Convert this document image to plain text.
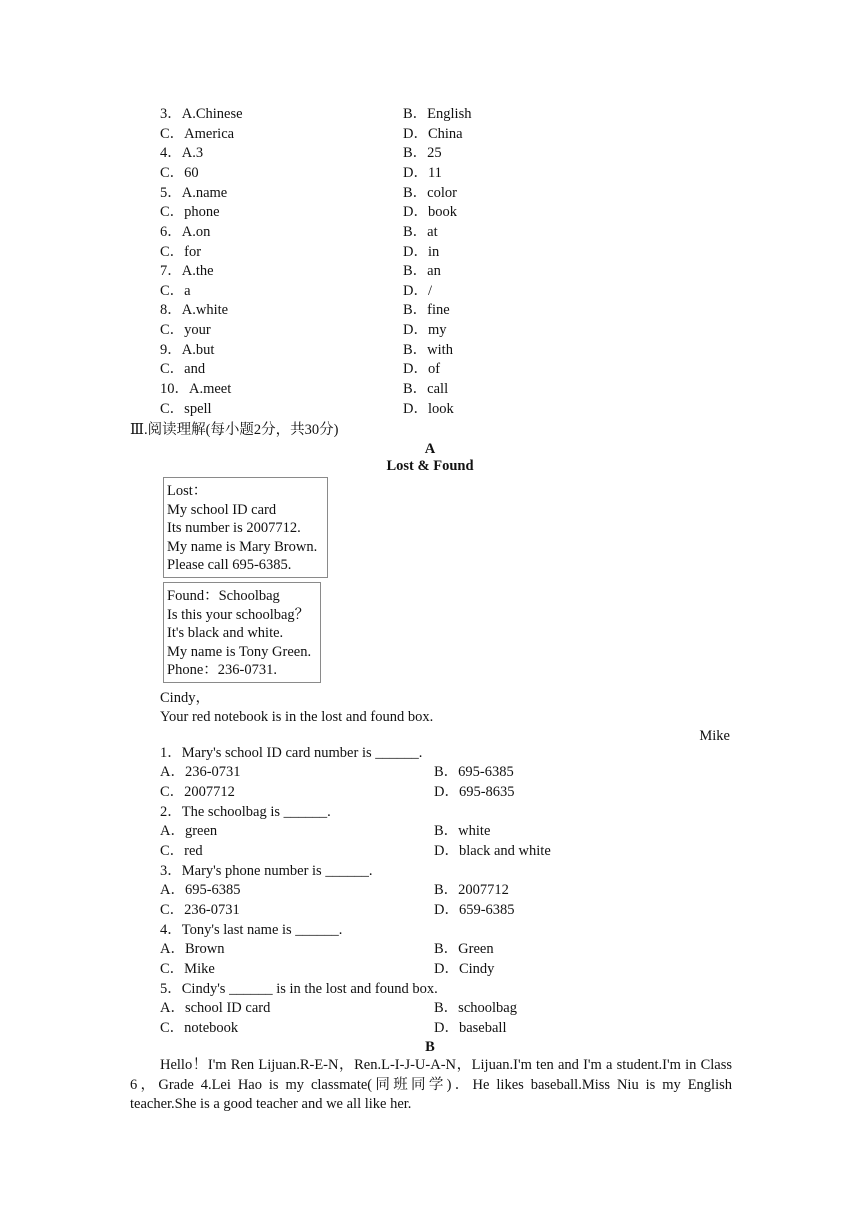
3．A.Chinese	B．English
C．America	D．China
4．A.3	B．25
C．60	D．11
5．A.name	B．color
C．phone	D．book
6．A.on	B．at
C．for	D．in
7．A.the	B．an
C．a	D．/
8．A.white	B．fine
C．your	D．my
9．A.but	B．with
C．and	D．of
10．A.meet	B．call
C．spell	D．look
Ⅲ.阅读理解(每小题2分，共30分)
A
Lost & Found
Lost：
My school ID card
Its number is 2007712.
My name is Mary Brown.
Please call 695-6385.
Found：Schoolbag
Is this your schoolbag？
It's black and white.
My name is Tony Green.
Phone：236-0731.
Cindy，
Your red notebook is in the lost and found box.
Mike
1．Mary's school ID card number is ______.
A．236-0731	B．695-6385
C．2007712	D．695-8635
2．The schoolbag is ______.
A．green	B．white
C．red	D．black and white
3．Mary's phone number is ______.
A．695-6385	B．2007712
C．236-0731	D．659-6385
4．Tony's last name is ______.
A．Brown	B．Green
C．Mike	D．Cindy
5．Cindy's ______ is in the lost and found box.
A．school ID card	B．schoolbag
C．notebook	D．baseball
B
Hello！I'm Ren Lijuan.R-E-N，Ren.L-I-J-U-A-N，Lijuan.I'm ten and I'm a student.I'm in Class 6，Grade 4.Lei Hao is my classmate(同班同学)．He likes baseball.Miss Niu is my English teacher.She is a good teacher and we all like her.
